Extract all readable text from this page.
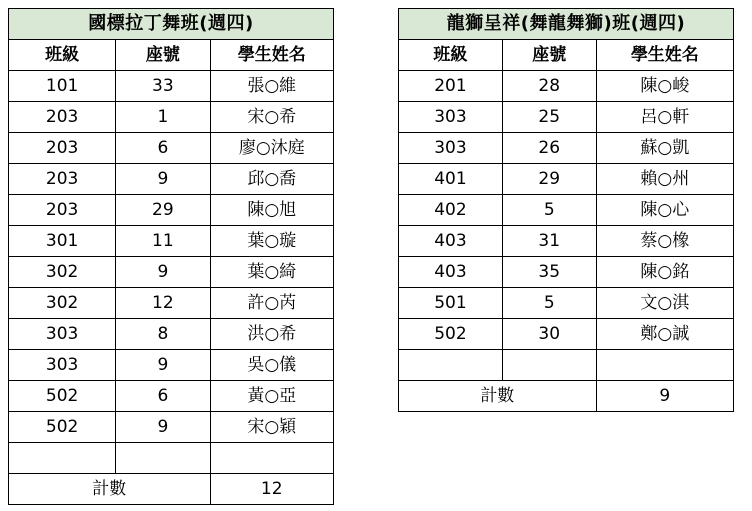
國標拉丁舞班(週四)		
班級	座號	學生姓名
101	33	張○維
203	1	宋○希
203	6	廖○沐庭
203	9	邱○喬
203	29	陳○旭
301	11	葉○璇
302	9	葉○綺
302	12	許○芮
303	8	洪○希
303	9	吳○儀
502	6	黃○亞
502	9	宋○穎

計數		12
龍獅呈祥(舞龍舞獅)班(週四)		
班級	座號	學生姓名
201	28	陳○峻
303	25	呂○軒
303	26	蘇○凱
401	29	賴○州
402	5	陳○心
403	31	蔡○橡
403	35	陳○銘
501	5	文○淇
502	30	鄭○誠

計數		9
